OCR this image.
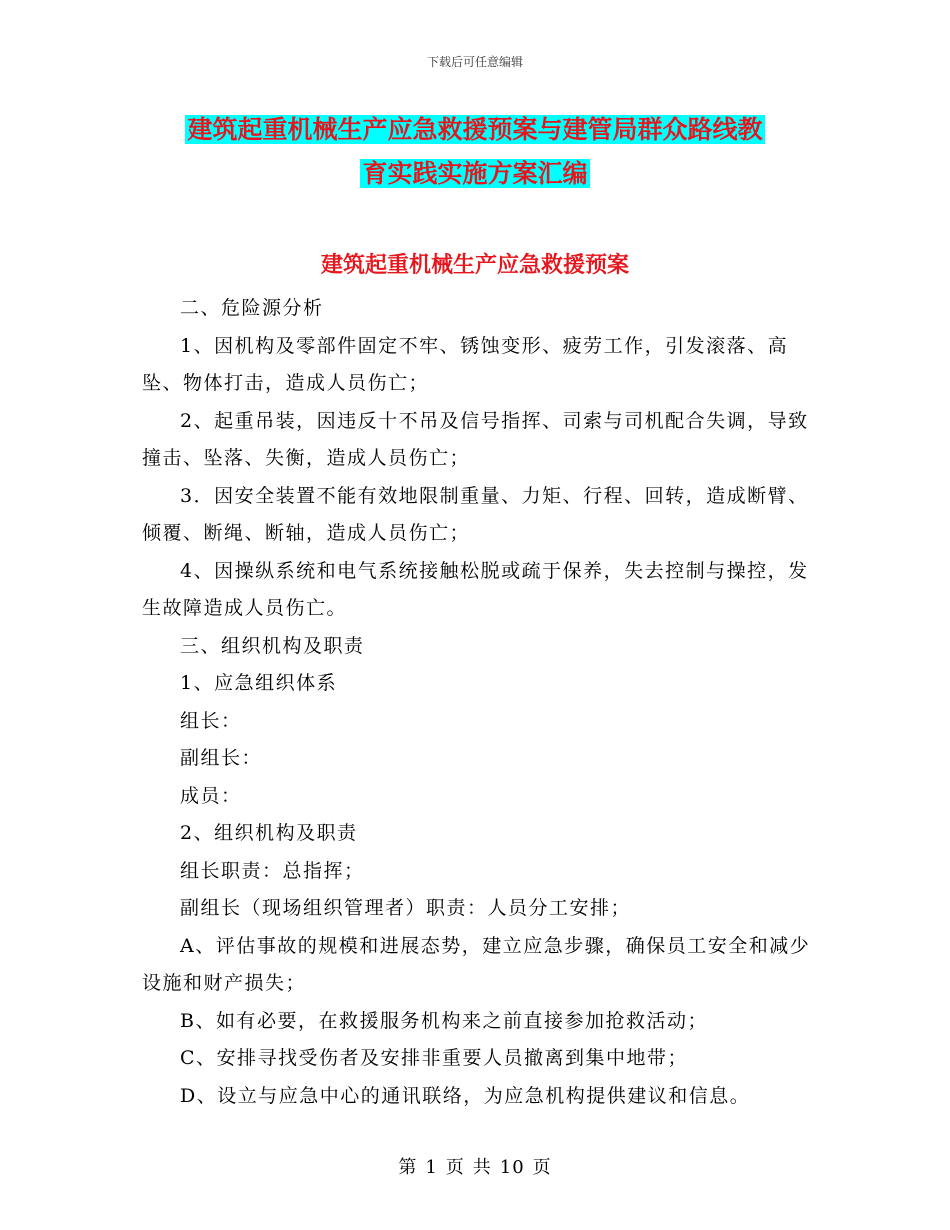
下载后可任意编辑
建筑起重机械生产应急救援预案与建管局群众路线教
育实践实施方案汇编
建筑起重机械生产应急救援预案

二、危险源分析

1、因机构及零部件固定不牢、锈蚀变形、疲劳工作，引发滚落、高坠、物体打击，造成人员伤亡；

2、起重吊装，因违反十不吊及信号指挥、司索与司机配合失调，导致撞击、坠落、失衡，造成人员伤亡；

3．因安全装置不能有效地限制重量、力矩、行程、回转，造成断臂、倾覆、断绳、断轴，造成人员伤亡；

4、因操纵系统和电气系统接触松脱或疏于保养，失去控制与操控，发生故障造成人员伤亡。

三、组织机构及职责

1、应急组织体系

组长：

副组长：

成员：

2、组织机构及职责

组长职责：总指挥；

副组长（现场组织管理者）职责：人员分工安排；

A、评估事故的规模和进展态势，建立应急步骤，确保员工安全和减少设施和财产损失；

B、如有必要，在救援服务机构来之前直接参加抢救活动；

C、安排寻找受伤者及安排非重要人员撤离到集中地带；

D、设立与应急中心的通讯联络，为应急机构提供建议和信息。

第 1 页 共 10 页
